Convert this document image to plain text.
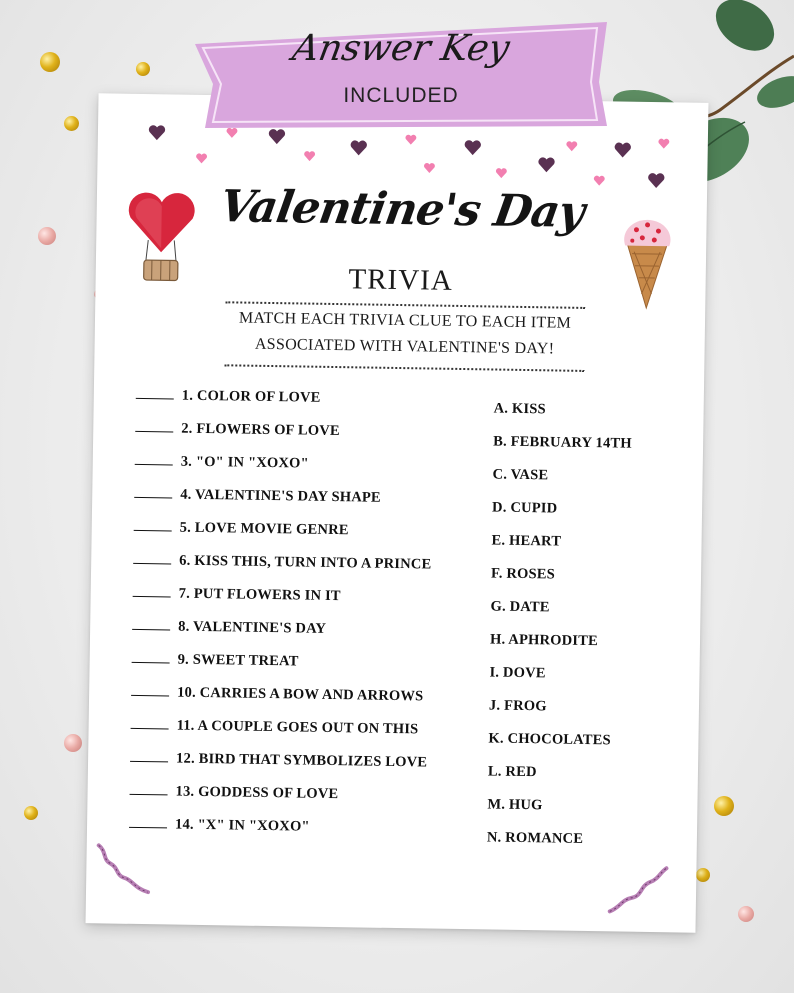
Valentine's Day
TRIVIA
MATCH EACH TRIVIA CLUE TO EACH ITEM
ASSOCIATED WITH VALENTINE'S DAY!
1. COLOR OF LOVE
2. FLOWERS OF LOVE
3. "O" IN "XOXO"
4. VALENTINE'S DAY SHAPE
5. LOVE MOVIE GENRE
6. KISS THIS, TURN INTO A PRINCE
7. PUT FLOWERS IN IT
8. VALENTINE'S DAY
9. SWEET TREAT
10. CARRIES A BOW AND ARROWS
11. A COUPLE GOES OUT ON THIS
12. BIRD THAT SYMBOLIZES LOVE
13. GODDESS OF LOVE
14. "X" IN "XOXO"
A. KISS
B. FEBRUARY 14TH
C. VASE
D. CUPID
E. HEART
F. ROSES
G. DATE
H. APHRODITE
I. DOVE
J. FROG
K. CHOCOLATES
L. RED
M. HUG
N. ROMANCE
Answer Key
INCLUDED
